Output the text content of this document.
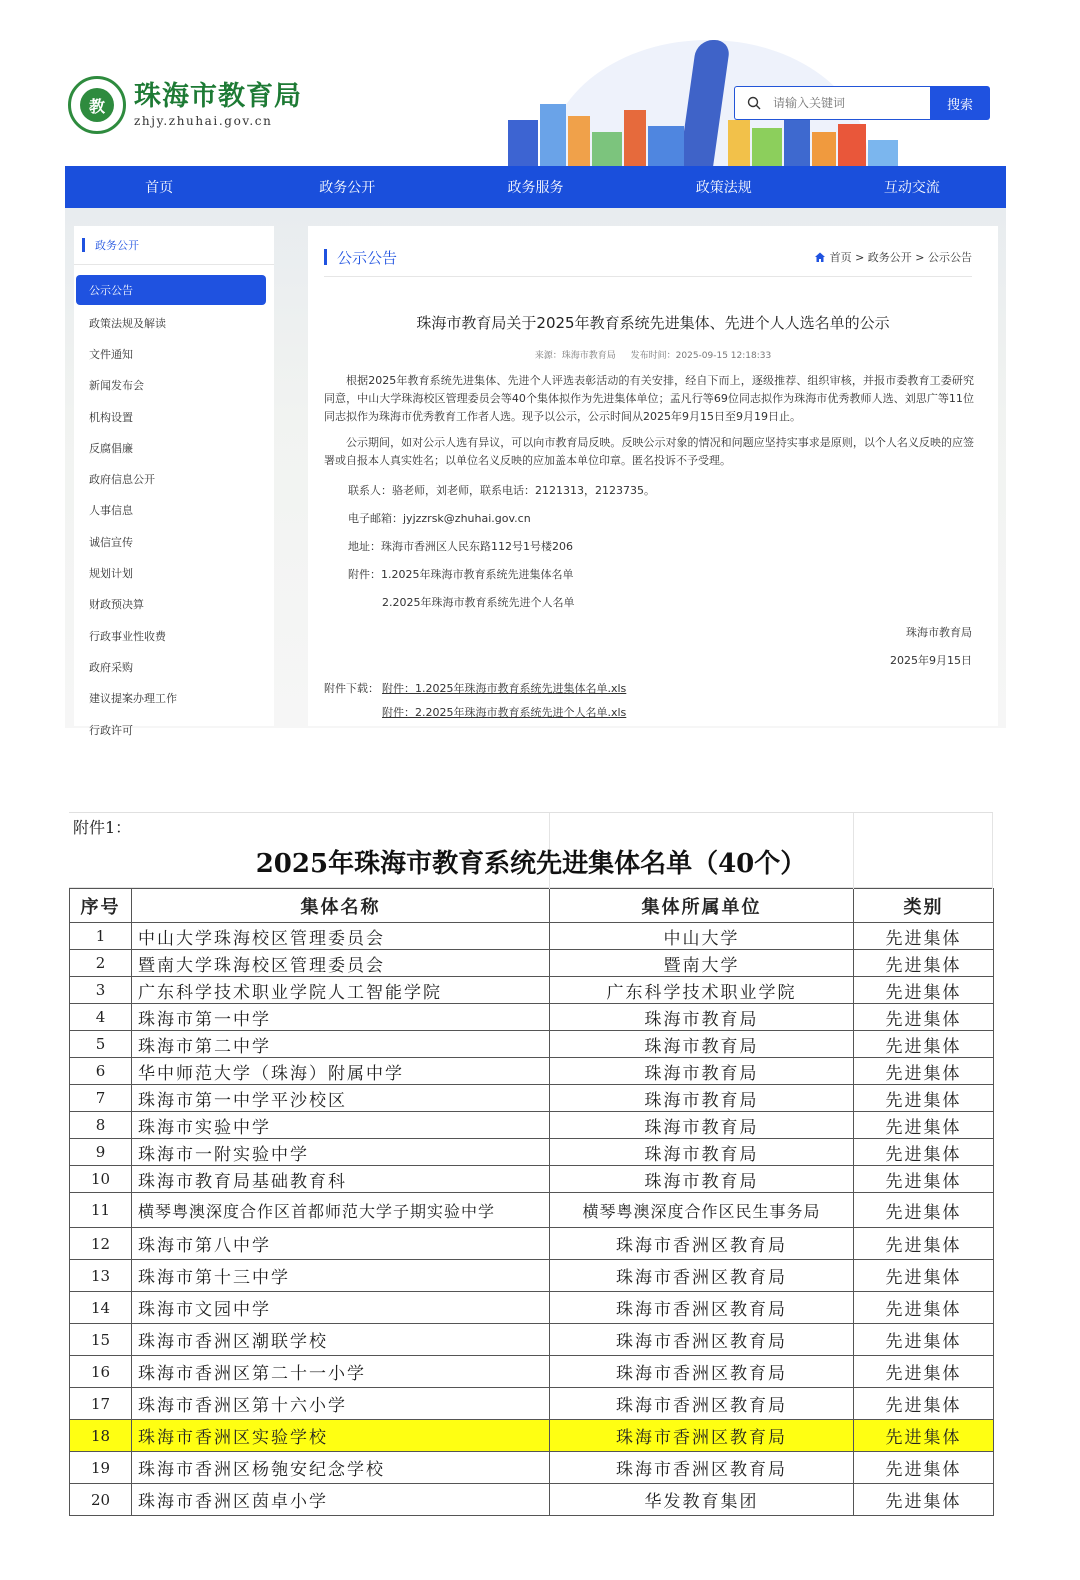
教	珠海市教育局
zhjy.zhuhai.gov.cn
请输入关键词
搜索
首页	政务公开	政务服务	政策法规	互动交流
政务公开
公示公告
政策法规及解读
文件通知
新闻发布会
机构设置
反腐倡廉
政府信息公开
人事信息
诚信宣传
规划计划
财政预决算
行政事业性收费
政府采购
建议提案办理工作
行政许可
公示公告	首页 > 政务公开 > 公示公告
珠海市教育局关于2025年教育系统先进集体、先进个人人选名单的公示
来源：珠海市教育局 发布时间：2025-09-15 12:18:33

根据2025年教育系统先进集体、先进个人评选表彰活动的有关安排，经自下而上，逐级推荐、组织审核，并报市委教育工委研究同意，中山大学珠海校区管理委员会等40个集体拟作为先进集体单位；孟凡行等69位同志拟作为珠海市优秀教师人选、刘思广等11位同志拟作为珠海市优秀教育工作者人选。现予以公示，公示时间从2025年9月15日至9月19日止。

公示期间，如对公示人选有异议，可以向市教育局反映。反映公示对象的情况和问题应坚持实事求是原则，以个人名义反映的应签署或自报本人真实姓名；以单位名义反映的应加盖本单位印章。匿名投诉不予受理。

联系人：骆老师，刘老师，联系电话：2121313，2123735。
电子邮箱：jyjzzrsk@zhuhai.gov.cn
地址：珠海市香洲区人民东路112号1号楼206
附件：1.2025年珠海市教育系统先进集体名单
2.2025年珠海市教育系统先进个人名单
珠海市教育局
2025年9月15日
附件下载： 附件：1.2025年珠海市教育系统先进集体名单.xls
附件：2.2025年珠海市教育系统先进个人名单.xls
附件1：
2025年珠海市教育系统先进集体名单（40个）
序号	集体名称	集体所属单位	类别
1	中山大学珠海校区管理委员会	中山大学	先进集体
2	暨南大学珠海校区管理委员会	暨南大学	先进集体
3	广东科学技术职业学院人工智能学院	广东科学技术职业学院	先进集体
4	珠海市第一中学	珠海市教育局	先进集体
5	珠海市第二中学	珠海市教育局	先进集体
6	华中师范大学（珠海）附属中学	珠海市教育局	先进集体
7	珠海市第一中学平沙校区	珠海市教育局	先进集体
8	珠海市实验中学	珠海市教育局	先进集体
9	珠海市一附实验中学	珠海市教育局	先进集体
10	珠海市教育局基础教育科	珠海市教育局	先进集体
11	横琴粤澳深度合作区首都师范大学子期实验中学	横琴粤澳深度合作区民生事务局	先进集体
12	珠海市第八中学	珠海市香洲区教育局	先进集体
13	珠海市第十三中学	珠海市香洲区教育局	先进集体
14	珠海市文园中学	珠海市香洲区教育局	先进集体
15	珠海市香洲区潮联学校	珠海市香洲区教育局	先进集体
16	珠海市香洲区第二十一小学	珠海市香洲区教育局	先进集体
17	珠海市香洲区第十六小学	珠海市香洲区教育局	先进集体
18	珠海市香洲区实验学校	珠海市香洲区教育局	先进集体
19	珠海市香洲区杨匏安纪念学校	珠海市香洲区教育局	先进集体
20	珠海市香洲区茵卓小学	华发教育集团	先进集体
